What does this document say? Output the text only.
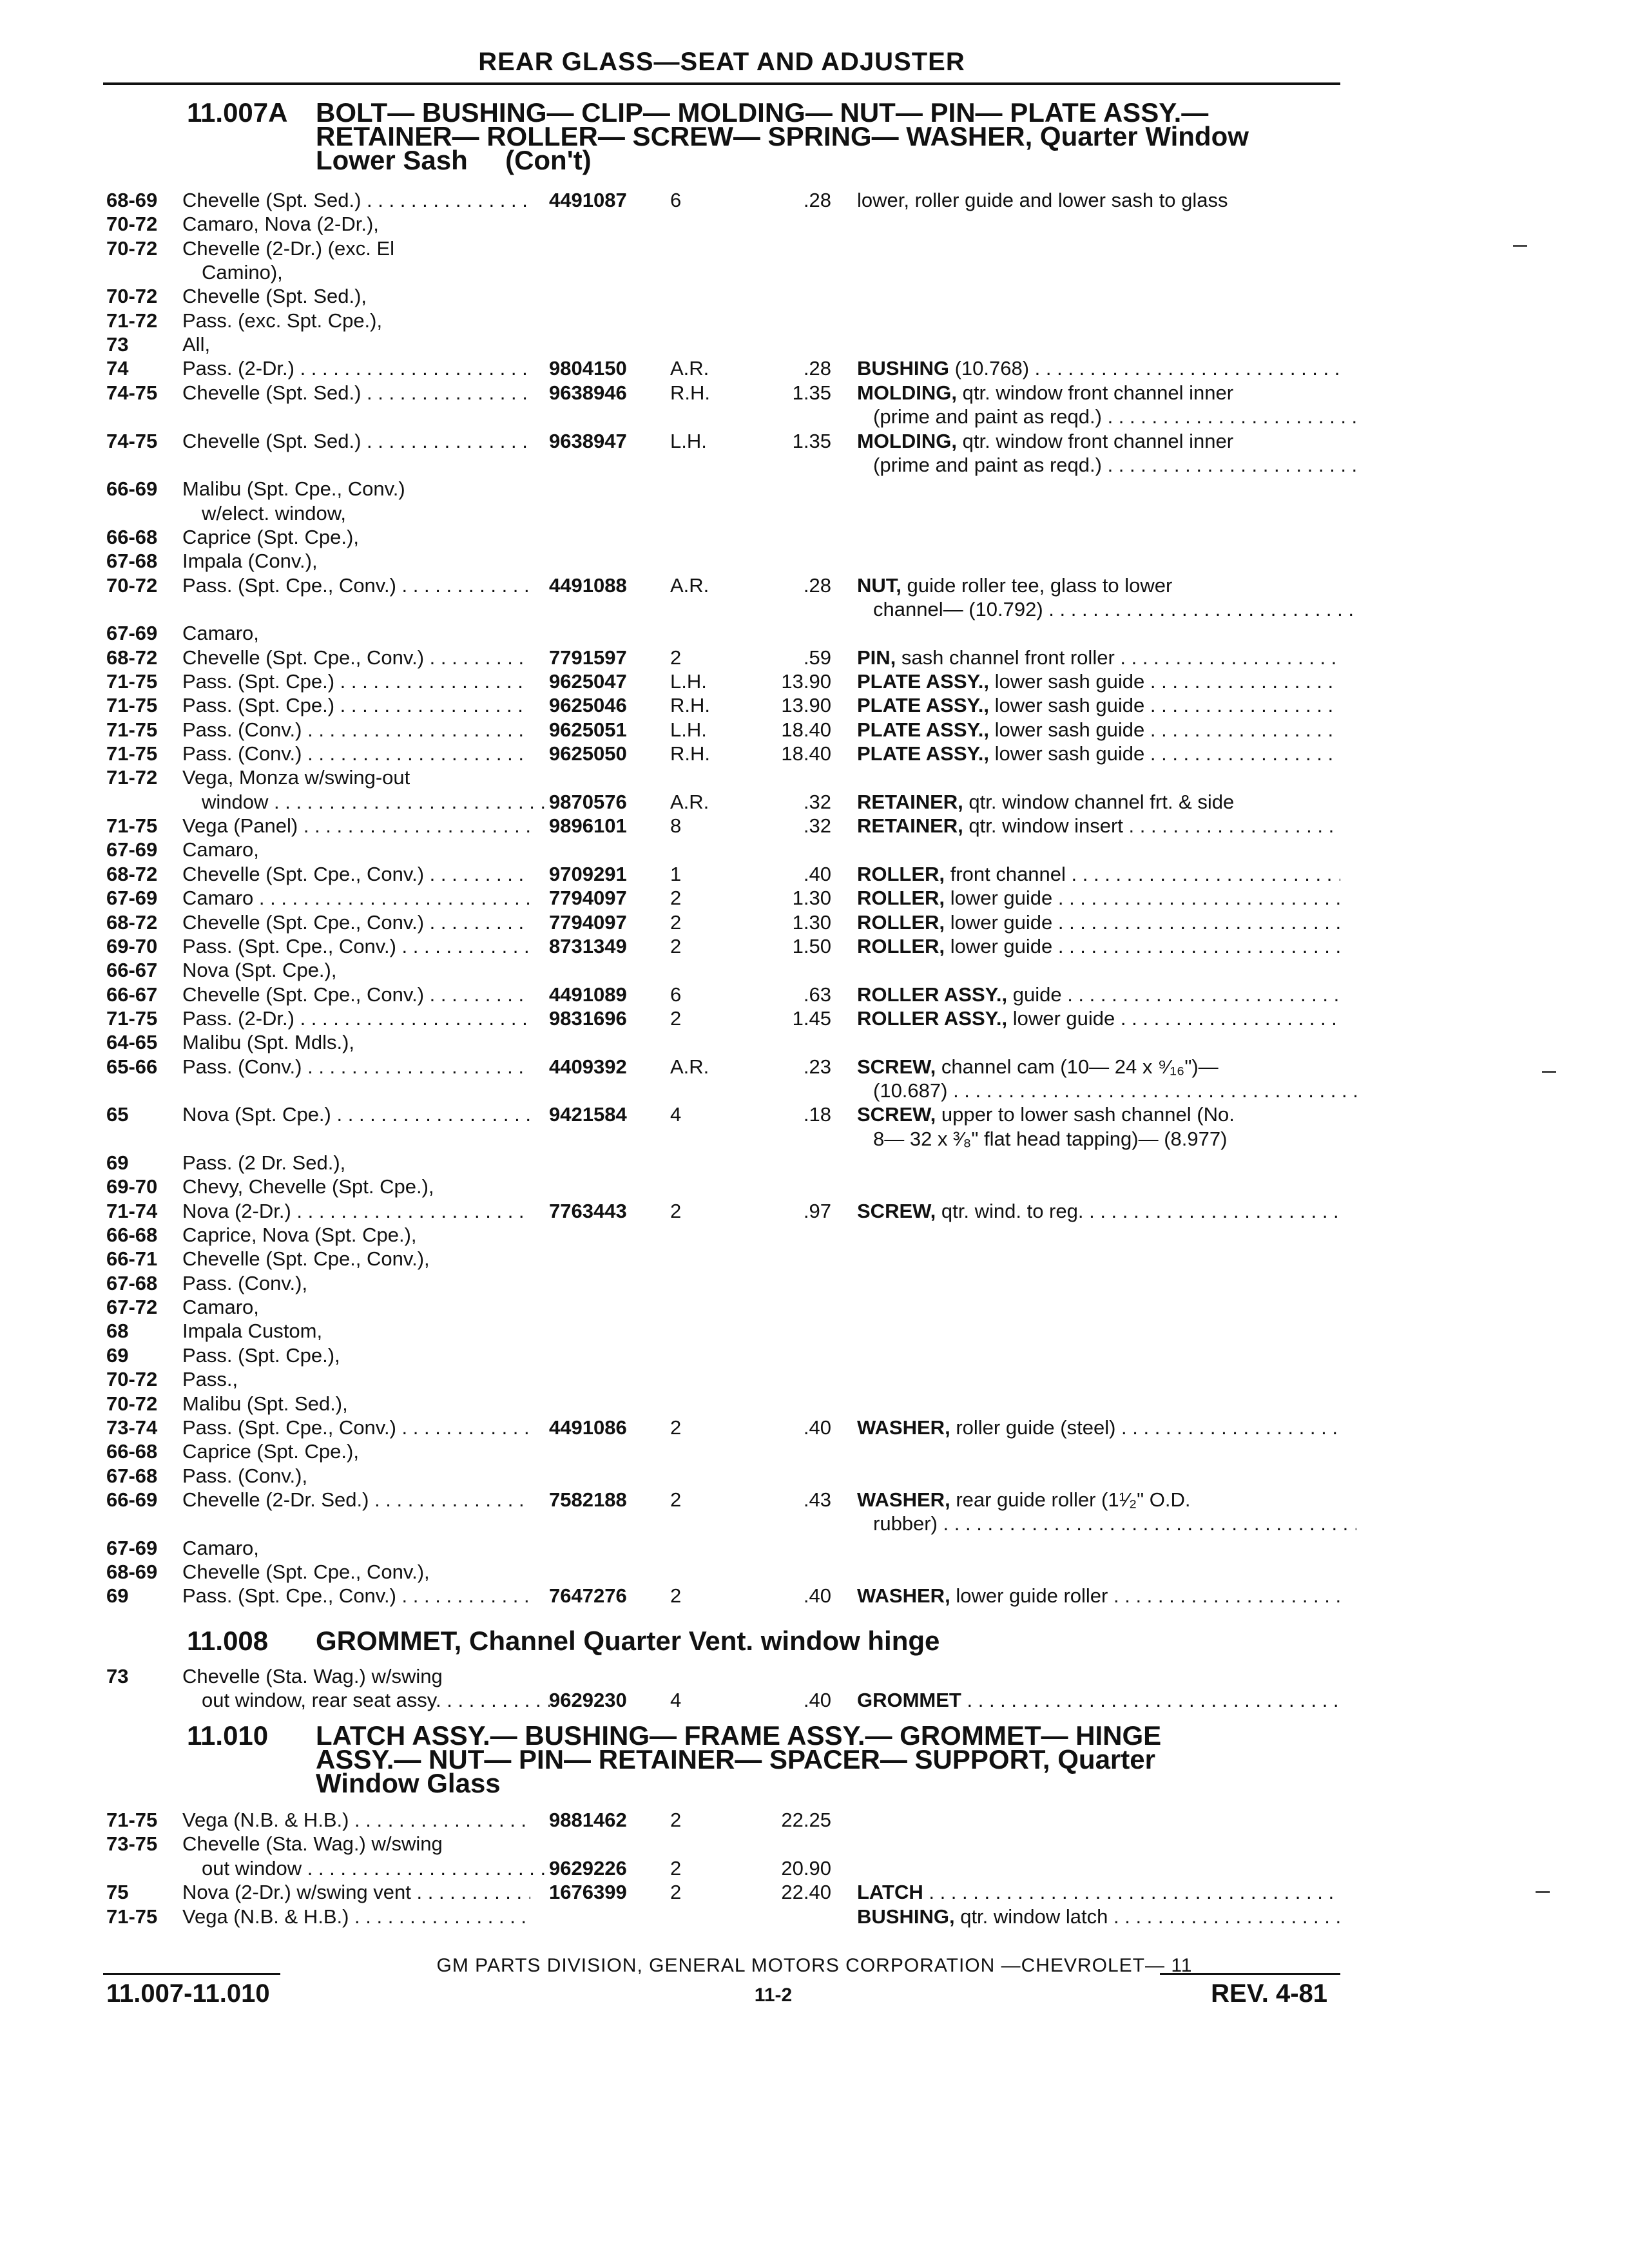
REAR GLASS—SEAT AND ADJUSTER
11.007A BOLT— BUSHING— CLIP— MOLDING— NUT— PIN— PLATE ASSY.—
RETAINER— ROLLER— SCREW— SPRING— WASHER, Quarter Window
Lower Sash     (Con't)
68-69 Chevelle (Spt. Sed.) . . .	4491087 6	.28 lower, roller guide and lower sash to glass
70-72 Camaro, Nova (2-Dr.),
70-72 Chevelle (2-Dr.) (exc. El
Camino),
70-72 Chevelle (Spt. Sed.),
71-72 Pass. (exc. Spt. Cpe.),
73	All,
74	Pass. (2-Dr.) . . .	9804150 A.R.	.28 BUSHING (10.768) . . .
74-75 Chevelle (Spt. Sed.) . . .	9638946 R.H.	1.35 MOLDING, qtr. window front channel inner
(prime and paint as reqd.) . . .
74-75 Chevelle (Spt. Sed.) . . .	9638947 L.H.	1.35 MOLDING, qtr. window front channel inner
(prime and paint as reqd.) . . .
66-69 Malibu (Spt. Cpe., Conv.)
w/elect. window,
66-68 Caprice (Spt. Cpe.),
67-68 Impala (Conv.),
70-72 Pass. (Spt. Cpe., Conv.) . . .	4491088 A.R.	.28 NUT, guide roller tee, glass to lower
channel— (10.792) . . .
67-69 Camaro,
68-72 Chevelle (Spt. Cpe., Conv.) . . .	7791597 2	.59 PIN, sash channel front roller . . .
71-75 Pass. (Spt. Cpe.) . . .	9625047 L.H.	13.90 PLATE ASSY., lower sash guide . . .
71-75 Pass. (Spt. Cpe.) . . .	9625046 R.H.	13.90 PLATE ASSY., lower sash guide . . .
71-75 Pass. (Conv.) . . .	9625051 L.H.	18.40 PLATE ASSY., lower sash guide . . .
71-75 Pass. (Conv.) . . .	9625050 R.H.	18.40 PLATE ASSY., lower sash guide . . .
71-72 Vega, Monza w/swing-out
window . . .	9870576 A.R.	.32 RETAINER, qtr. window channel frt. & side
71-75 Vega (Panel) . . .	9896101 8	.32 RETAINER, qtr. window insert . . .
67-69 Camaro,
68-72 Chevelle (Spt. Cpe., Conv.) . . .	9709291 1	.40 ROLLER, front channel . . .
67-69 Camaro . . .	7794097 2	1.30 ROLLER, lower guide . . .
68-72 Chevelle (Spt. Cpe., Conv.) . . .	7794097 2	1.30 ROLLER, lower guide . . .
69-70 Pass. (Spt. Cpe., Conv.) . . .	8731349 2	1.50 ROLLER, lower guide . . .
66-67 Nova (Spt. Cpe.),
66-67 Chevelle (Spt. Cpe., Conv.) . . .	4491089 6	.63 ROLLER ASSY., guide . . .
71-75 Pass. (2-Dr.) . . .	9831696 2	1.45 ROLLER ASSY., lower guide . . .
64-65 Malibu (Spt. Mdls.),
65-66 Pass. (Conv.) . . .	4409392 A.R.	.23 SCREW, channel cam (10— 24 x ⁹⁄₁₆")—
(10.687) . . .
65	Nova (Spt. Cpe.) . . .	9421584 4	.18 SCREW, upper to lower sash channel (No.
8— 32 x ³⁄₈" flat head tapping)— (8.977)
69	Pass. (2 Dr. Sed.),
69-70 Chevy, Chevelle (Spt. Cpe.),
71-74 Nova (2-Dr.) . . .	7763443 2	.97 SCREW, qtr. wind. to reg. . . .
66-68 Caprice, Nova (Spt. Cpe.),
66-71 Chevelle (Spt. Cpe., Conv.),
67-68 Pass. (Conv.),
67-72 Camaro,
68	Impala Custom,
69	Pass. (Spt. Cpe.),
70-72 Pass.,
70-72 Malibu (Spt. Sed.),
73-74 Pass. (Spt. Cpe., Conv.) . . .	4491086 2	.40 WASHER, roller guide (steel) . . .
66-68 Caprice (Spt. Cpe.),
67-68 Pass. (Conv.),
66-69 Chevelle (2-Dr. Sed.) . . .	7582188 2	.43 WASHER, rear guide roller (1¹⁄₂" O.D.
rubber) . . .
67-69 Camaro,
68-69 Chevelle (Spt. Cpe., Conv.),
69	Pass. (Spt. Cpe., Conv.) . . .	7647276 2	.40 WASHER, lower guide roller . . .
11.008 GROMMET, Channel Quarter Vent. window hinge
73	Chevelle (Sta. Wag.) w/swing
out window, rear seat assy. . . .	9629230 4	.40 GROMMET . . .
11.010 LATCH ASSY.— BUSHING— FRAME ASSY.— GROMMET— HINGE
ASSY.— NUT— PIN— RETAINER— SPACER— SUPPORT, Quarter
Window Glass
71-75 Vega (N.B. & H.B.) . . .	9881462 2	22.25
73-75 Chevelle (Sta. Wag.) w/swing
out window . . .	9629226 2	20.90
75	Nova (2-Dr.) w/swing vent . . .	1676399 2	22.40 LATCH . . .
71-75 Vega (N.B. & H.B.) . . .	BUSHING, qtr. window latch . . .
GM PARTS DIVISION, GENERAL MOTORS CORPORATION —CHEVROLET— 11
11.007-11.010	11-2	REV. 4-81
